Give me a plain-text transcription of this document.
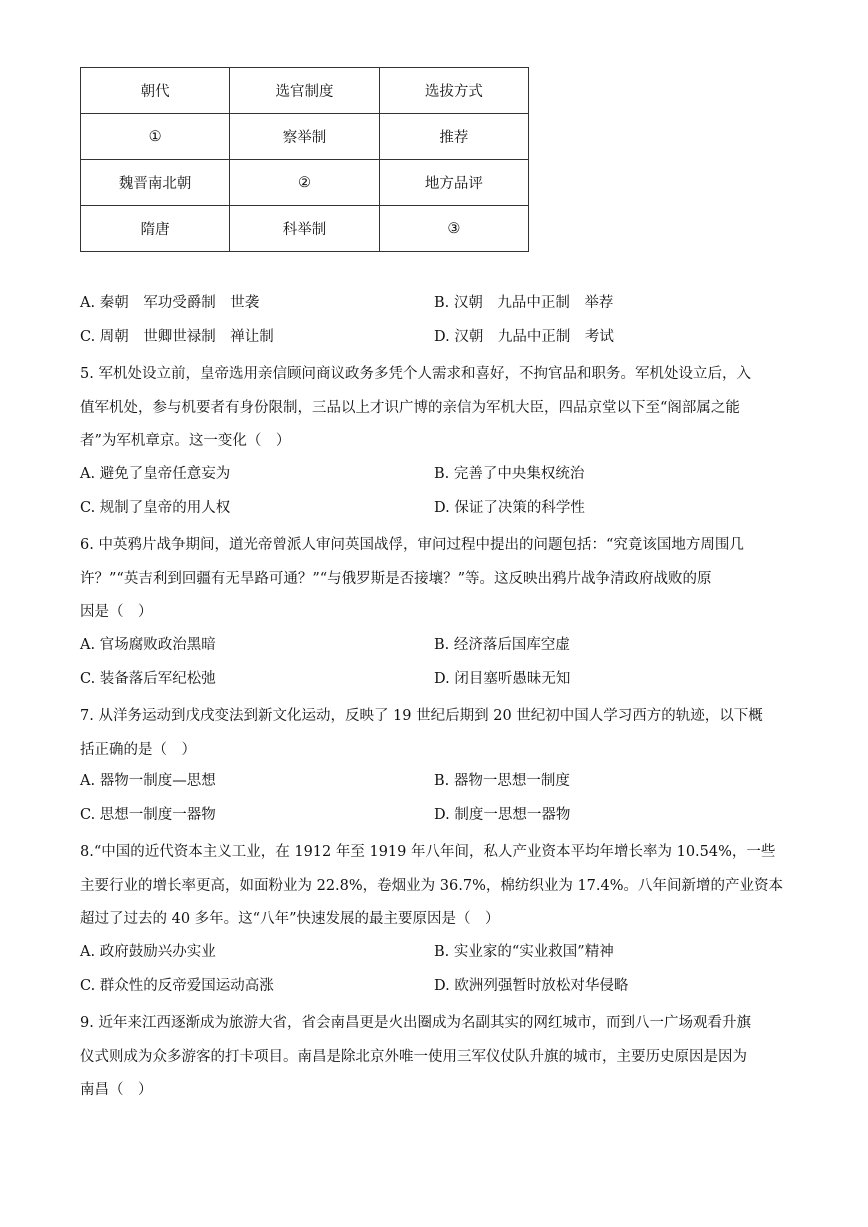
朝代	选官制度	选拔方式
①	察举制	推荐
魏晋南北朝	②	地方品评
隋唐	科举制	③
A. 秦朝　军功受爵制　世袭	B. 汉朝　九品中正制　举荐
C. 周朝　世卿世禄制　禅让制	D. 汉朝　九品中正制　考试
5. 军机处设立前，皇帝选用亲信顾问商议政务多凭个人需求和喜好，不拘官品和职务。军机处设立后，入
值军机处，参与机要者有身份限制，三品以上才识广博的亲信为军机大臣，四品京堂以下至“阁部属之能
者”为军机章京。这一变化（　）
A. 避免了皇帝任意妄为	B. 完善了中央集权统治
C. 规制了皇帝的用人权	D. 保证了决策的科学性
6. 中英鸦片战争期间，道光帝曾派人审问英国战俘，审问过程中提出的问题包括：“究竟该国地方周围几
许？”“英吉利到回疆有无旱路可通？”“与俄罗斯是否接壤？”等。这反映出鸦片战争清政府战败的原
因是（　）
A. 官场腐败政治黑暗	B. 经济落后国库空虚
C. 装备落后军纪松弛	D. 闭目塞听愚昧无知
7. 从洋务运动到戊戌变法到新文化运动，反映了 19 世纪后期到 20 世纪初中国人学习西方的轨迹，以下概
括正确的是（　）
A. 器物一制度—思想	B. 器物一思想一制度
C. 思想一制度一器物	D. 制度一思想一器物
8.“中国的近代资本主义工业，在 1912 年至 1919 年八年间，私人产业资本平均年增长率为 10.54%，一些
主要行业的增长率更高，如面粉业为 22.8%，卷烟业为 36.7%，棉纺织业为 17.4%。八年间新增的产业资本
超过了过去的 40 多年。这“八年”快速发展的最主要原因是（　）
A. 政府鼓励兴办实业	B. 实业家的“实业救国”精神
C. 群众性的反帝爱国运动高涨	D. 欧洲列强暂时放松对华侵略
9. 近年来江西逐渐成为旅游大省，省会南昌更是火出圈成为名副其实的网红城市，而到八一广场观看升旗
仪式则成为众多游客的打卡项目。南昌是除北京外唯一使用三军仪仗队升旗的城市，主要历史原因是因为
南昌（　）
